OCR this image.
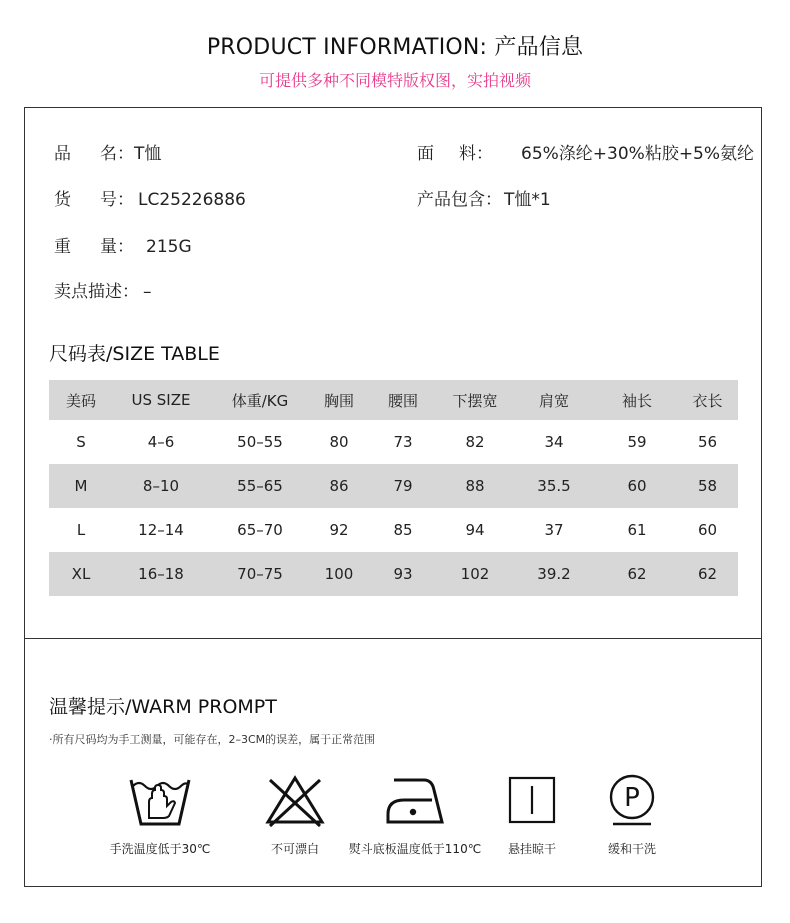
PRODUCT INFORMATION: 产品信息
可提供多种不同模特版权图，实拍视频
品 名： T恤	面 料： 65%涤纶+30%粘胶+5%氨纶
货 号： LC25226886	产品包含： T恤*1
重 量： 215G
卖点描述： –
尺码表/SIZE TABLE
美码	US SIZE	体重/KG	胸围	腰围	下摆宽	肩宽	袖长	衣长
S	4–6	50–55	80	73	82	34	59	56
M	8–10	55–65	86	79	88	35.5	60	58
L	12–14	65–70	92	85	94	37	61	60
XL	16–18	70–75	100	93	102	39.2	62	62
温馨提示/WARM PROMPT
·所有尺码均为手工测量，可能存在，2–3CM的误差，属于正常范围
手洗温度低于30℃	不可漂白	熨斗底板温度低于110℃	悬挂晾干
P
缓和干洗
